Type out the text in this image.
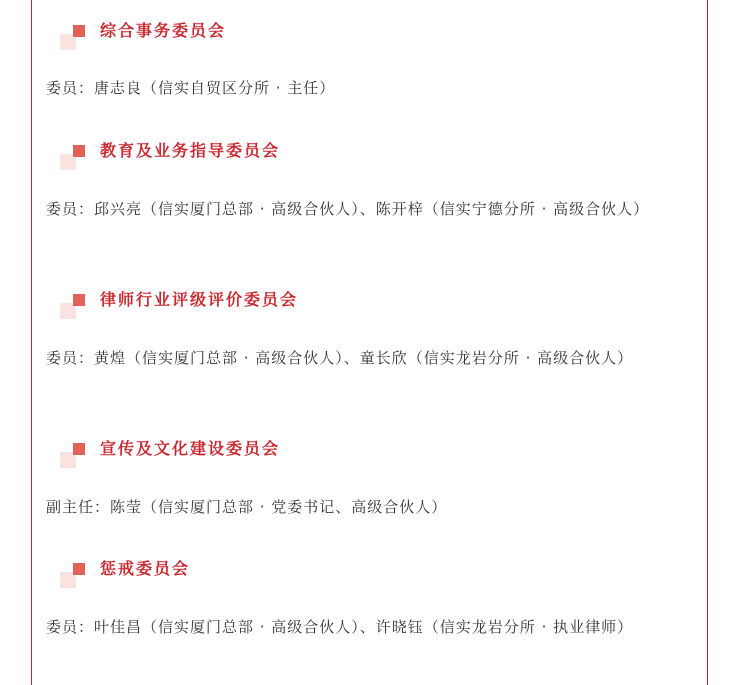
综合事务委员会
委员：唐志良（信实自贸区分所 · 主任）
教育及业务指导委员会
委员：邱兴亮（信实厦门总部 · 高级合伙人）、陈开梓（信实宁德分所 · 高级合伙人）
律师行业评级评价委员会
委员：黄煌（信实厦门总部 · 高级合伙人）、童长欣（信实龙岩分所 · 高级合伙人）
宣传及文化建设委员会
副主任：陈莹（信实厦门总部 · 党委书记、高级合伙人）
惩戒委员会
委员：叶佳昌（信实厦门总部 · 高级合伙人）、许晓钰（信实龙岩分所 · 执业律师）
